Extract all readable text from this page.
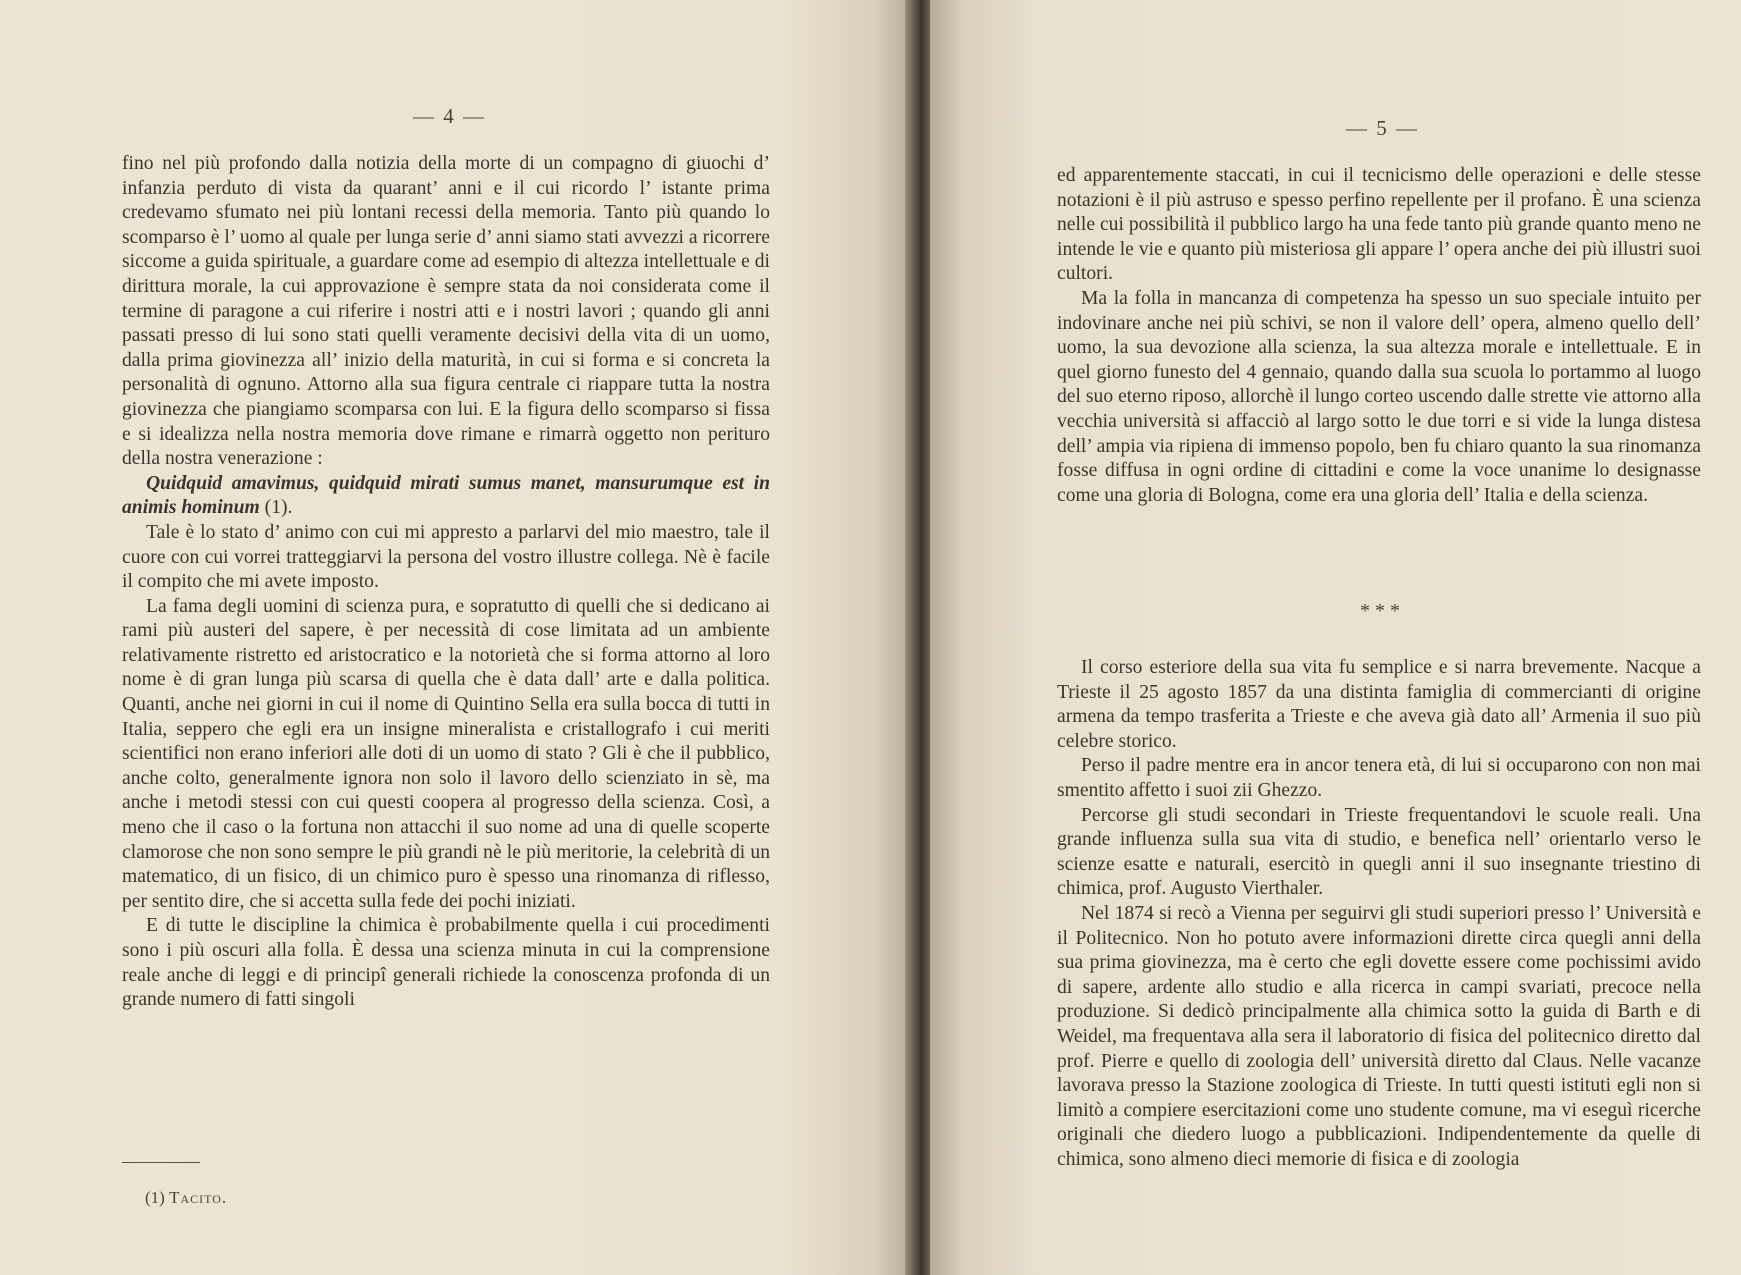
— 4 —

fino nel più profondo dalla notizia della morte di un compagno di giuochi d’ infanzia perduto di vista da quarant’ anni e il cui ricordo l’ istante prima credevamo sfumato nei più lontani recessi della memoria. Tanto più quando lo scomparso è l’ uomo al quale per lunga serie d’ anni siamo stati avvezzi a ricorrere siccome a guida spirituale, a guardare come ad esempio di altezza intellettuale e di dirittura morale, la cui approvazione è sempre stata da noi considerata come il termine di paragone a cui riferire i nostri atti e i nostri lavori ; quando gli anni passati presso di lui sono stati quelli veramente decisivi della vita di un uomo, dalla prima giovinezza all’ inizio della maturità, in cui si forma e si concreta la personalità di ognuno. Attorno alla sua figura centrale ci riappare tutta la nostra giovinezza che piangiamo scomparsa con lui. E la figura dello scomparso si fissa e si idealizza nella nostra memoria dove rimane e rimarrà oggetto non perituro della nostra venerazione :

Quidquid amavimus, quidquid mirati sumus manet, mansurumque est in animis hominum (1).

Tale è lo stato d’ animo con cui mi appresto a parlarvi del mio maestro, tale il cuore con cui vorrei tratteggiarvi la persona del vostro illustre collega. Nè è facile il compito che mi avete imposto.

La fama degli uomini di scienza pura, e sopratutto di quelli che si dedicano ai rami più austeri del sapere, è per necessità di cose limitata ad un ambiente relativamente ristretto ed aristocratico e la notorietà che si forma attorno al loro nome è di gran lunga più scarsa di quella che è data dall’ arte e dalla politica. Quanti, anche nei giorni in cui il nome di Quintino Sella era sulla bocca di tutti in Italia, seppero che egli era un insigne mineralista e cristallografo i cui meriti scientifici non erano inferiori alle doti di un uomo di stato ? Gli è che il pubblico, anche colto, generalmente ignora non solo il lavoro dello scienziato in sè, ma anche i metodi stessi con cui questi coopera al progresso della scienza. Così, a meno che il caso o la fortuna non attacchi il suo nome ad una di quelle scoperte clamorose che non sono sempre le più grandi nè le più meritorie, la celebrità di un matematico, di un fisico, di un chimico puro è spesso una rinomanza di riflesso, per sentito dire, che si accetta sulla fede dei pochi iniziati.

E di tutte le discipline la chimica è probabilmente quella i cui procedimenti sono i più oscuri alla folla. È dessa una scienza minuta in cui la comprensione reale anche di leggi e di principî generali richiede la conoscenza profonda di un grande numero di fatti singoli

(1) Tacito.
— 5 —

ed apparentemente staccati, in cui il tecnicismo delle operazioni e delle stesse notazioni è il più astruso e spesso perfino repellente per il profano. È una scienza nelle cui possibilità il pubblico largo ha una fede tanto più grande quanto meno ne intende le vie e quanto più misteriosa gli appare l’ opera anche dei più illustri suoi cultori.

Ma la folla in mancanza di competenza ha spesso un suo speciale intuito per indovinare anche nei più schivi, se non il valore dell’ opera, almeno quello dell’ uomo, la sua devozione alla scienza, la sua altezza morale e intellettuale. E in quel giorno funesto del 4 gennaio, quando dalla sua scuola lo portammo al luogo del suo eterno riposo, allorchè il lungo corteo uscendo dalle strette vie attorno alla vecchia università si affacciò al largo sotto le due torri e si vide la lunga distesa dell’ ampia via ripiena di immenso popolo, ben fu chiaro quanto la sua rinomanza fosse diffusa in ogni ordine di cittadini e come la voce unanime lo designasse come una gloria di Bologna, come era una gloria dell’ Italia e della scienza.

* * *

Il corso esteriore della sua vita fu semplice e si narra brevemente. Nacque a Trieste il 25 agosto 1857 da una distinta famiglia di commercianti di origine armena da tempo trasferita a Trieste e che aveva già dato all’ Armenia il suo più celebre storico.

Perso il padre mentre era in ancor tenera età, di lui si occuparono con non mai smentito affetto i suoi zii Ghezzo.

Percorse gli studi secondari in Trieste frequentandovi le scuole reali. Una grande influenza sulla sua vita di studio, e benefica nell’ orientarlo verso le scienze esatte e naturali, esercitò in quegli anni il suo insegnante triestino di chimica, prof. Augusto Vierthaler.

Nel 1874 si recò a Vienna per seguirvi gli studi superiori presso l’ Università e il Politecnico. Non ho potuto avere informazioni dirette circa quegli anni della sua prima giovinezza, ma è certo che egli dovette essere come pochissimi avido di sapere, ardente allo studio e alla ricerca in campi svariati, precoce nella produzione. Si dedicò principalmente alla chimica sotto la guida di Barth e di Weidel, ma frequentava alla sera il laboratorio di fisica del politecnico diretto dal prof. Pierre e quello di zoologia dell’ università diretto dal Claus. Nelle vacanze lavorava presso la Stazione zoologica di Trieste. In tutti questi istituti egli non si limitò a compiere esercitazioni come uno studente comune, ma vi eseguì ricerche originali che diedero luogo a pubblicazioni. Indipendentemente da quelle di chimica, sono almeno dieci memorie di fisica e di zoologia
